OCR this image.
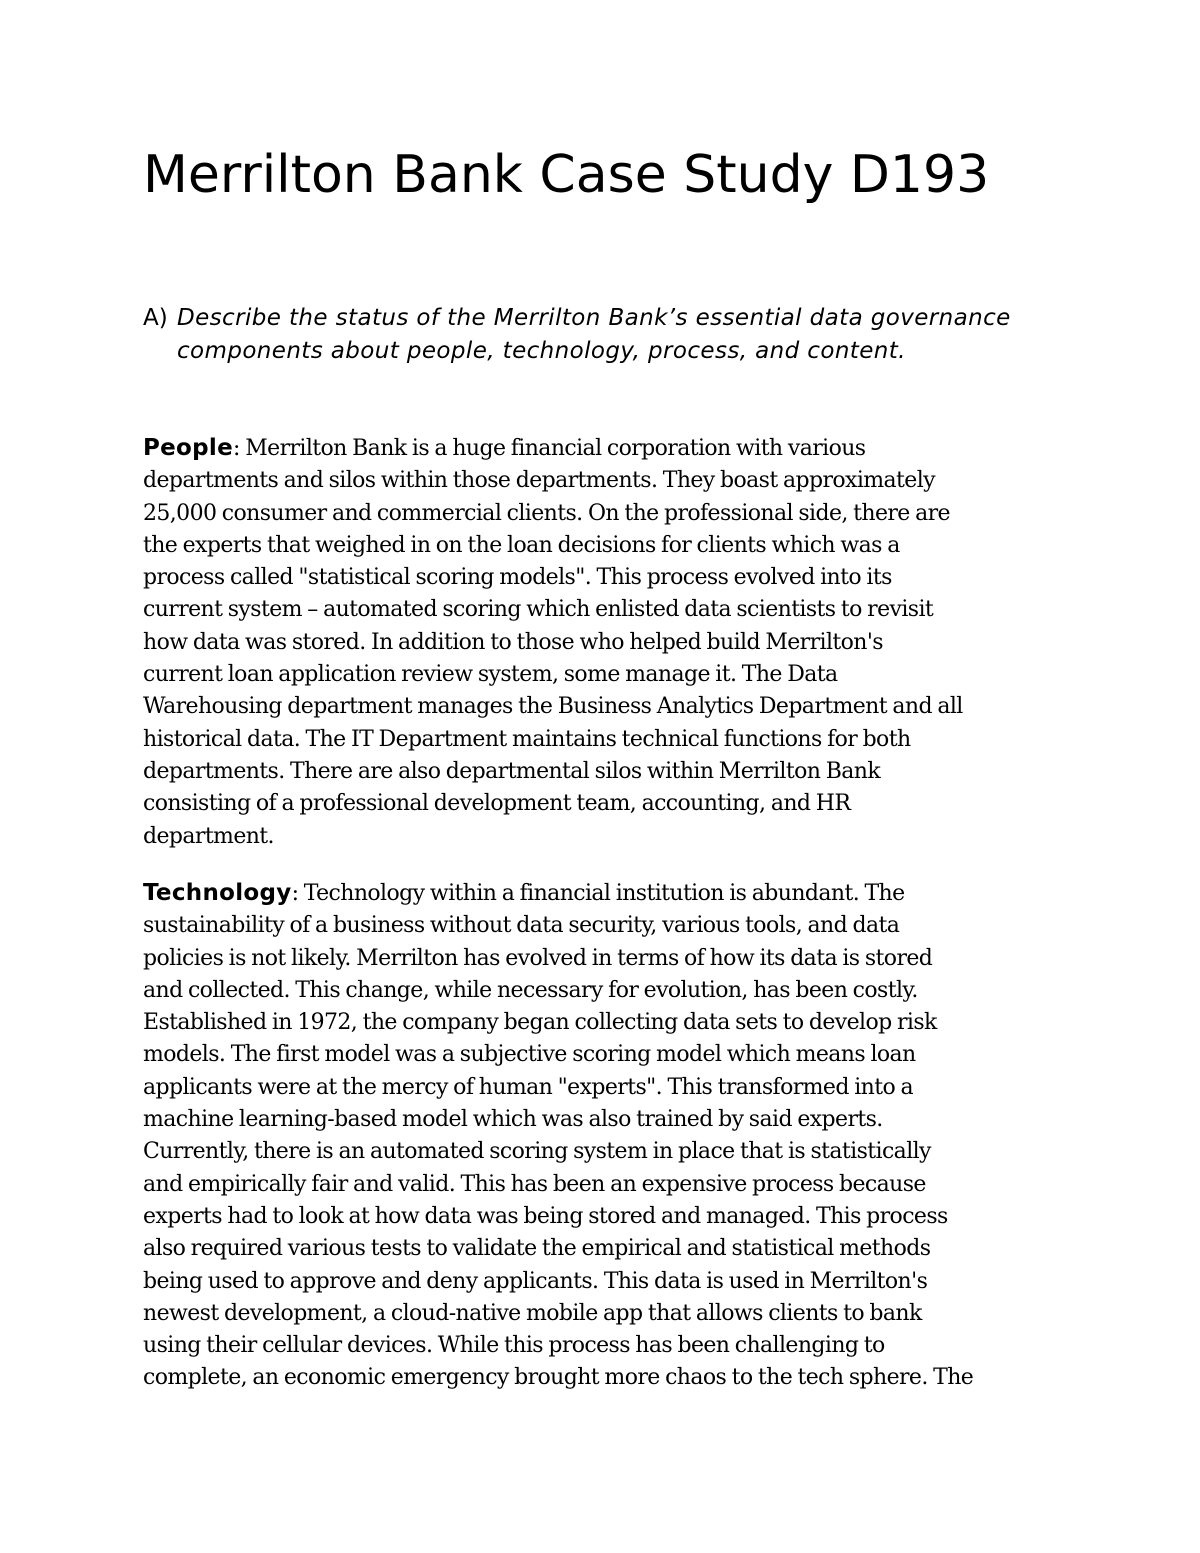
Merrilton Bank Case Study D193
A) Describe the status of the Merrilton Bank’s essential data governance components about people, technology, process, and content.
People: Merrilton Bank is a huge financial corporation with various
departments and silos within those departments. They boast approximately
25,000 consumer and commercial clients. On the professional side, there are
the experts that weighed in on the loan decisions for clients which was a
process called "statistical scoring models". This process evolved into its
current system – automated scoring which enlisted data scientists to revisit
how data was stored. In addition to those who helped build Merrilton's
current loan application review system, some manage it. The Data
Warehousing department manages the Business Analytics Department and all
historical data. The IT Department maintains technical functions for both
departments. There are also departmental silos within Merrilton Bank
consisting of a professional development team, accounting, and HR
department.
Technology: Technology within a financial institution is abundant. The
sustainability of a business without data security, various tools, and data
policies is not likely. Merrilton has evolved in terms of how its data is stored
and collected. This change, while necessary for evolution, has been costly.
Established in 1972, the company began collecting data sets to develop risk
models. The first model was a subjective scoring model which means loan
applicants were at the mercy of human "experts". This transformed into a
machine learning-based model which was also trained by said experts.
Currently, there is an automated scoring system in place that is statistically
and empirically fair and valid. This has been an expensive process because
experts had to look at how data was being stored and managed. This process
also required various tests to validate the empirical and statistical methods
being used to approve and deny applicants. This data is used in Merrilton's
newest development, a cloud-native mobile app that allows clients to bank
using their cellular devices. While this process has been challenging to
complete, an economic emergency brought more chaos to the tech sphere. The
